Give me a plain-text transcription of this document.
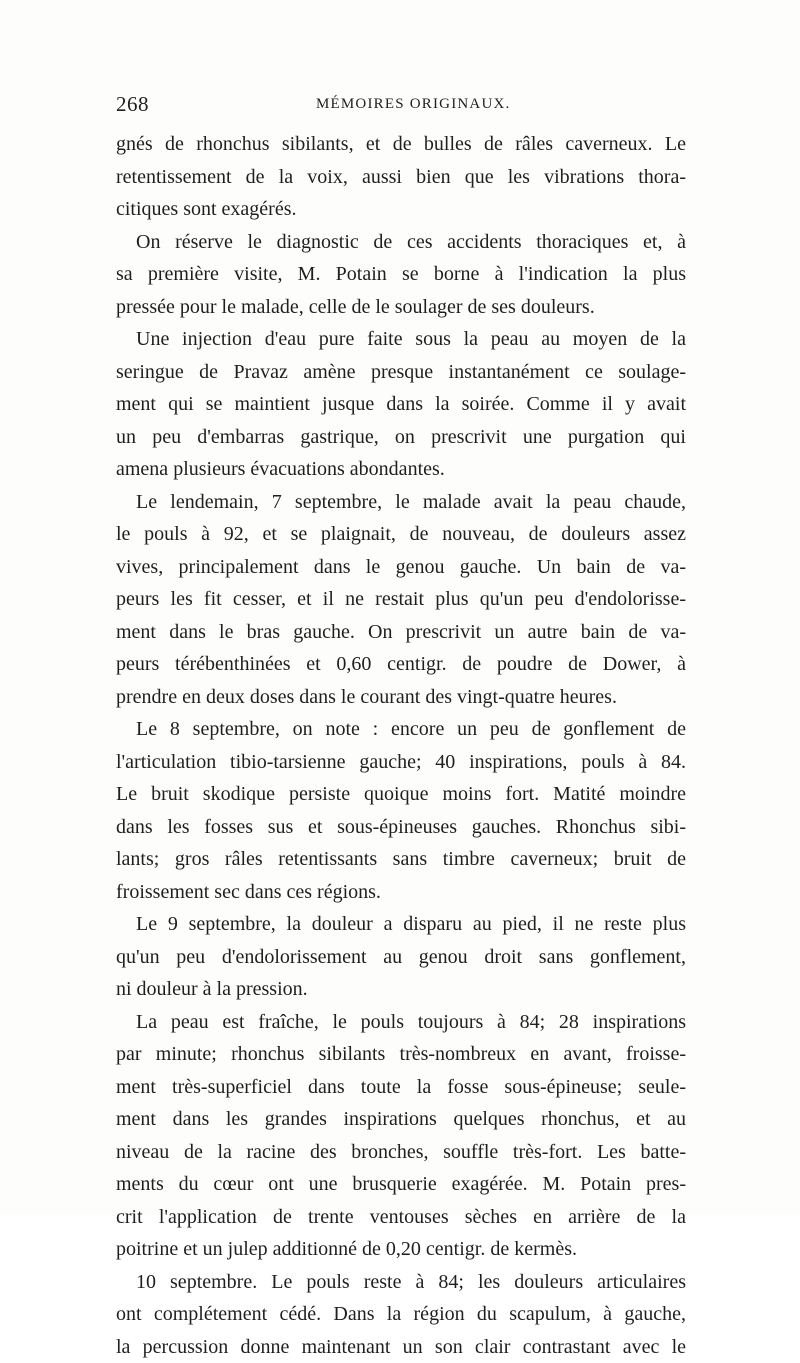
268	MÉMOIRES ORIGINAUX.
gnés de rhonchus sibilants, et de bulles de râles caverneux. Le
retentissement de la voix, aussi bien que les vibrations thora-
citiques sont exagérés.
On réserve le diagnostic de ces accidents thoraciques et, à
sa première visite, M. Potain se borne à l'indication la plus
pressée pour le malade, celle de le soulager de ses douleurs.
Une injection d'eau pure faite sous la peau au moyen de la
seringue de Pravaz amène presque instantanément ce soulage-
ment qui se maintient jusque dans la soirée. Comme il y avait
un peu d'embarras gastrique, on prescrivit une purgation qui
amena plusieurs évacuations abondantes.
Le lendemain, 7 septembre, le malade avait la peau chaude,
le pouls à 92, et se plaignait, de nouveau, de douleurs assez
vives, principalement dans le genou gauche. Un bain de va-
peurs les fit cesser, et il ne restait plus qu'un peu d'endolorisse-
ment dans le bras gauche. On prescrivit un autre bain de va-
peurs térébenthinées et 0,60 centigr. de poudre de Dower, à
prendre en deux doses dans le courant des vingt-quatre heures.
Le 8 septembre, on note : encore un peu de gonflement de
l'articulation tibio-tarsienne gauche; 40 inspirations, pouls à 84.
Le bruit skodique persiste quoique moins fort. Matité moindre
dans les fosses sus et sous-épineuses gauches. Rhonchus sibi-
lants; gros râles retentissants sans timbre caverneux; bruit de
froissement sec dans ces régions.
Le 9 septembre, la douleur a disparu au pied, il ne reste plus
qu'un peu d'endolorissement au genou droit sans gonflement,
ni douleur à la pression.
La peau est fraîche, le pouls toujours à 84; 28 inspirations
par minute; rhonchus sibilants très-nombreux en avant, froisse-
ment très-superficiel dans toute la fosse sous-épineuse; seule-
ment dans les grandes inspirations quelques rhonchus, et au
niveau de la racine des bronches, souffle très-fort. Les batte-
ments du cœur ont une brusquerie exagérée. M. Potain pres-
crit l'application de trente ventouses sèches en arrière de la
poitrine et un julep additionné de 0,20 centigr. de kermès.
10 septembre. Le pouls reste à 84; les douleurs articulaires
ont complétement cédé. Dans la région du scapulum, à gauche,
la percussion donne maintenant un son clair contrastant avec le
